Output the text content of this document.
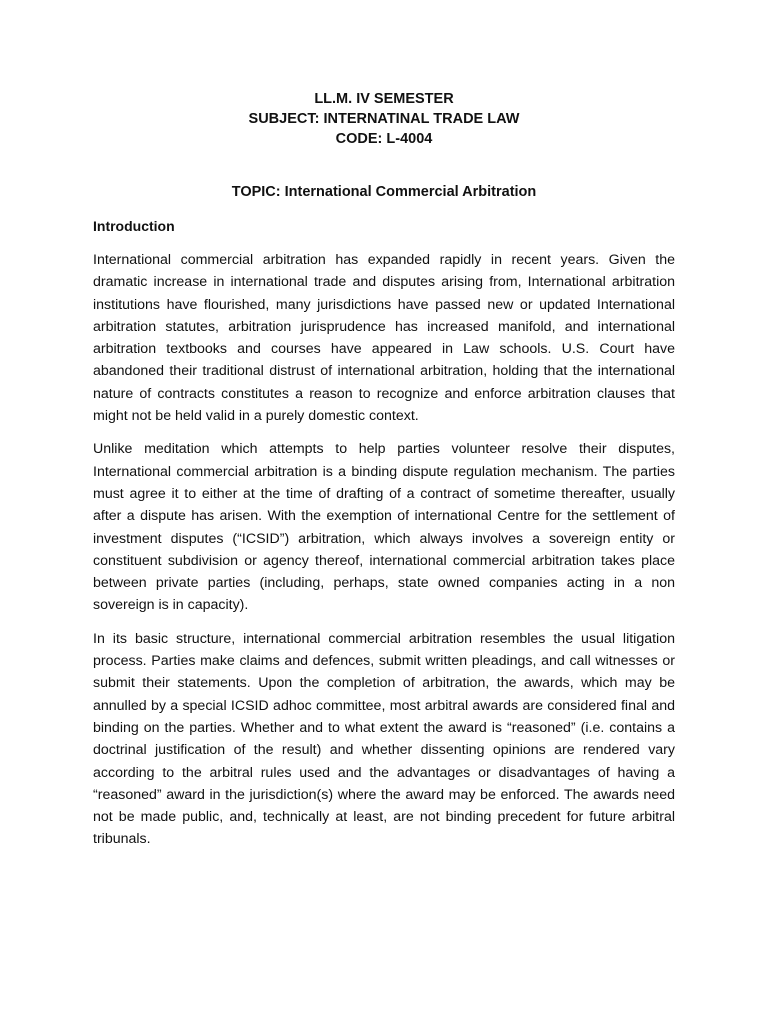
LL.M. IV SEMESTER
SUBJECT: INTERNATINAL TRADE LAW
CODE: L-4004
TOPIC: International Commercial Arbitration
Introduction

International commercial arbitration has expanded rapidly in recent years. Given the dramatic increase in international trade and disputes arising from, International arbitration institutions have flourished, many jurisdictions have passed new or updated International arbitration statutes, arbitration jurisprudence has increased manifold, and international arbitration textbooks and courses have appeared in Law schools. U.S. Court have abandoned their traditional distrust of international arbitration, holding that the international nature of contracts constitutes a reason to recognize and enforce arbitration clauses that might not be held valid in a purely domestic context.

Unlike meditation which attempts to help parties volunteer resolve their disputes, International commercial arbitration is a binding dispute regulation mechanism. The parties must agree it to either at the time of drafting of a contract of sometime thereafter, usually after a dispute has arisen. With the exemption of international Centre for the settlement of investment disputes (“ICSID”) arbitration, which always involves a sovereign entity or constituent subdivision or agency thereof, international commercial arbitration takes place between private parties (including, perhaps, state owned companies acting in a non sovereign is in capacity).

In its basic structure, international commercial arbitration resembles the usual litigation process. Parties make claims and defences, submit written pleadings, and call witnesses or submit their statements. Upon the completion of arbitration, the awards, which may be annulled by a special ICSID adhoc committee, most arbitral awards are considered final and binding on the parties. Whether and to what extent the award is “reasoned” (i.e. contains a doctrinal justification of the result) and whether dissenting opinions are rendered vary according to the arbitral rules used and the advantages or disadvantages of having a “reasoned” award in the jurisdiction(s) where the award may be enforced. The awards need not be made public, and, technically at least, are not binding precedent for future arbitral tribunals.
